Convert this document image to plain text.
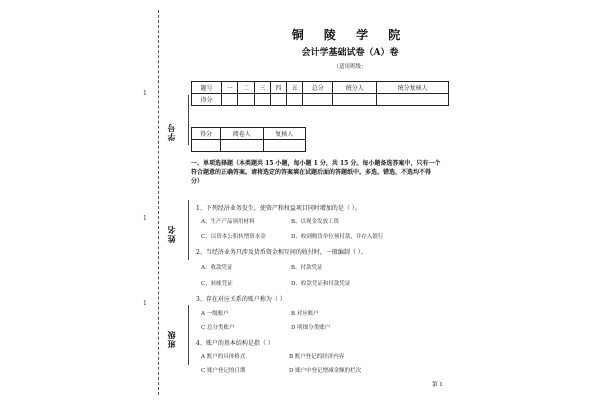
学号
姓名
班级
1
1
1
铜 陵 学 院
会计学基础试卷（A）卷
（适用班级：
题号	一	二	三	四	五	总分	统分人	统分复核人
得分								
得分	阅卷人	复核人

一、单项选择题（本类题共 15 小题，每小题 1 分，共 15 分。每小题备选答案中，只有一个
符合题意的正确答案。请将选定的答案填在试题后面的答题纸中。多选、错选、不选均不得
分）
1、下列经济业务发生，使资产和权益项目同时增加的是（ ）。
A、生产产品领用材料	B、以现金发放工资
C、以资本公积转增资本金	D、收到购货单位预付款，并存入银行
2、当经济业务只涉及货币资金相互间的收付时，一般编制（ ）。
A、收款凭证	B、付款凭证
C、转帐凭证	D、收款凭证和付款凭证
3、存在对应关系的账户称为（ ）
A 一级账户	B 对应账户
C 总分类账户	D 明细分类账户
4、账户的基本结构是指（ ）
A 账户的具体格式	B 账户登记的经济内容
C 账户登记的日期	D 账户中登记增减金额的栏次
第 1
